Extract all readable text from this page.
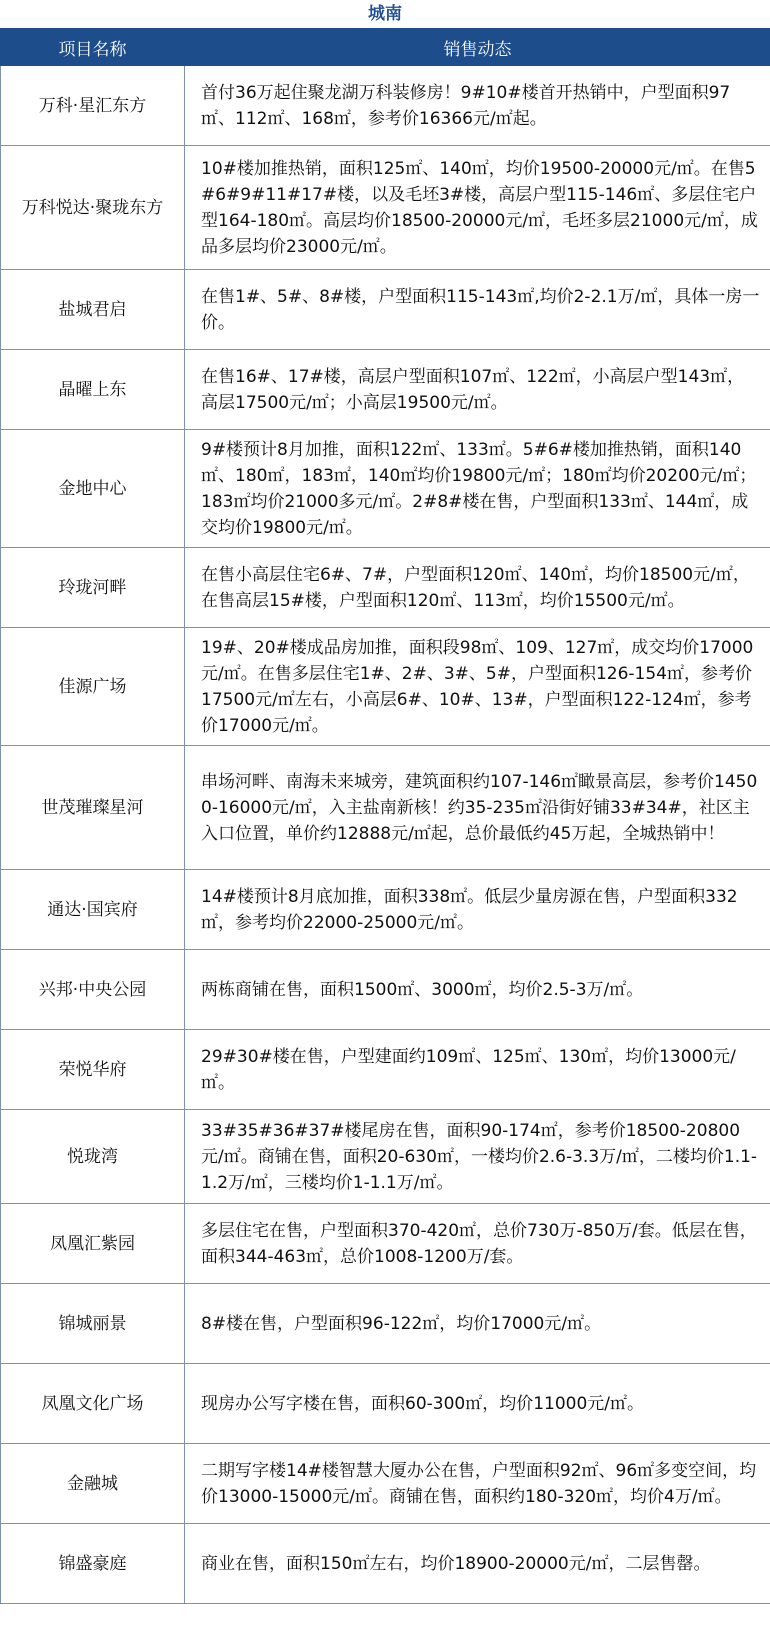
城南
项目名称	销售动态
万科·星汇东方	首付36万起住聚龙湖万科装修房！9#10#楼首开热销中，户型面积97㎡、112㎡、168㎡，参考价16366元/㎡起。
万科悦达·聚珑东方	10#楼加推热销，面积125㎡、140㎡，均价19500-20000元/㎡。在售5#6#9#11#17#楼，以及毛坯3#楼，高层户型115-146㎡、多层住宅户型164-180㎡。高层均价18500-20000元/㎡，毛坯多层21000元/㎡，成品多层均价23000元/㎡。
盐城君启	在售1#、5#、8#楼，户型面积115-143㎡,均价2-2.1万/㎡，具体一房一价。
晶曜上东	在售16#、17#楼，高层户型面积107㎡、122㎡，小高层户型143㎡，高层17500元/㎡；小高层19500元/㎡。
金地中心	9#楼预计8月加推，面积122㎡、133㎡。5#6#楼加推热销，面积140㎡、180㎡，183㎡，140㎡均价19800元/㎡；180㎡均价20200元/㎡；183㎡均价21000多元/㎡。2#8#楼在售，户型面积133㎡、144㎡，成交均价19800元/㎡。
玲珑河畔	在售小高层住宅6#、7#，户型面积120㎡、140㎡，均价18500元/㎡，在售高层15#楼，户型面积120㎡、113㎡，均价15500元/㎡。
佳源广场	19#、20#楼成品房加推，面积段98㎡、109、127㎡，成交均价17000元/㎡。在售多层住宅1#、2#、3#、5#，户型面积126-154㎡，参考价17500元/㎡左右，小高层6#、10#、13#，户型面积122-124㎡，参考价17000元/㎡。
世茂璀璨星河	串场河畔、南海未来城旁，建筑面积约107-146㎡瞰景高层，参考价14500-16000元/㎡，入主盐南新核！约35-235㎡沿街好铺33#34#，社区主入口位置，单价约12888元/㎡起，总价最低约45万起，全城热销中！
通达·国宾府	14#楼预计8月底加推，面积338㎡。低层少量房源在售，户型面积332㎡，参考均价22000-25000元/㎡。
兴邦·中央公园	两栋商铺在售，面积1500㎡、3000㎡，均价2.5-3万/㎡。
荣悦华府	29#30#楼在售，户型建面约109㎡、125㎡、130㎡，均价13000元/㎡。
悦珑湾	33#35#36#37#楼尾房在售，面积90-174㎡，参考价18500-20800元/㎡。商铺在售，面积20-630㎡，一楼均价2.6-3.3万/㎡，二楼均价1.1-1.2万/㎡，三楼均价1-1.1万/㎡。
凤凰汇紫园	多层住宅在售，户型面积370-420㎡，总价730万-850万/套。低层在售，面积344-463㎡，总价1008-1200万/套。
锦城丽景	8#楼在售，户型面积96-122㎡，均价17000元/㎡。
凤凰文化广场	现房办公写字楼在售，面积60-300㎡，均价11000元/㎡。
金融城	二期写字楼14#楼智慧大厦办公在售，户型面积92㎡、96㎡多变空间，均价13000-15000元/㎡。商铺在售，面积约180-320㎡，均价4万/㎡。
锦盛豪庭	商业在售，面积150㎡左右，均价18900-20000元/㎡，二层售罄。
